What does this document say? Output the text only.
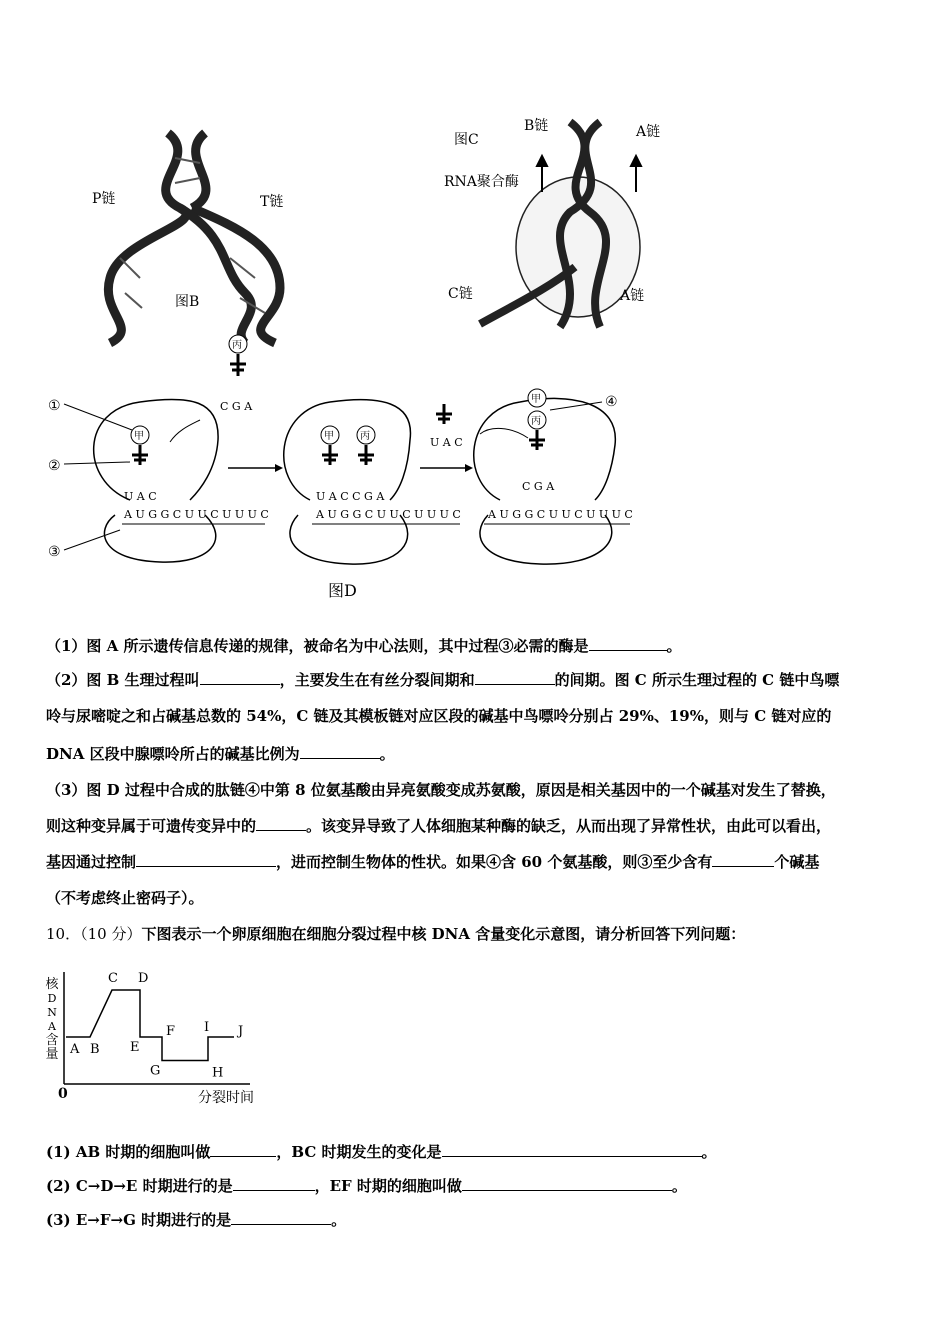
P链	T链
图B
图C
B链	A链
RNA聚合酶
C链	A链
①
②
③
④
丙
C G A
甲
U A C
A U G G C U U C U U U C
甲	丙
U A C C G A
A U G G C U U C U U U C
U A C
甲
丙
C G A
A U G G C U U C U U U C
图D
（1）图 A 所示遗传信息传递的规律，被命名为中心法则，其中过程③必需的酶是	。
（2）图 B 生理过程叫	，主要发生在有丝分裂间期和	的间期。图 C 所示生理过程的 C 链中鸟嘌
呤与尿嘧啶之和占碱基总数的 54%，C 链及其模板链对应区段的碱基中鸟嘌呤分别占 29%、19%，则与 C 链对应的
DNA 区段中腺嘌呤所占的碱基比例为	。
（3）图 D 过程中合成的肽链④中第 8 位氨基酸由异亮氨酸变成苏氨酸，原因是相关基因中的一个碱基对发生了替换，
则这种变异属于可遗传变异中的	。该变异导致了人体细胞某种酶的缺乏，从而出现了异常性状，由此可以看出，
基因通过控制	，进而控制生物体的性状。如果④含 60 个氨基酸，则③至少含有	个碱基
（不考虑终止密码子）。
10．（10 分）下图表示一个卵原细胞在细胞分裂过程中核 DNA 含量变化示意图，请分析回答下列问题：
核
D
N
A
含
量
0	分裂时间
A B
C D
E
F
G	H
I J
(1) AB 时期的细胞叫做	，BC 时期发生的变化是	。
(2) C→D→E 时期进行的是	，EF 时期的细胞叫做	。
(3) E→F→G 时期进行的是	。
